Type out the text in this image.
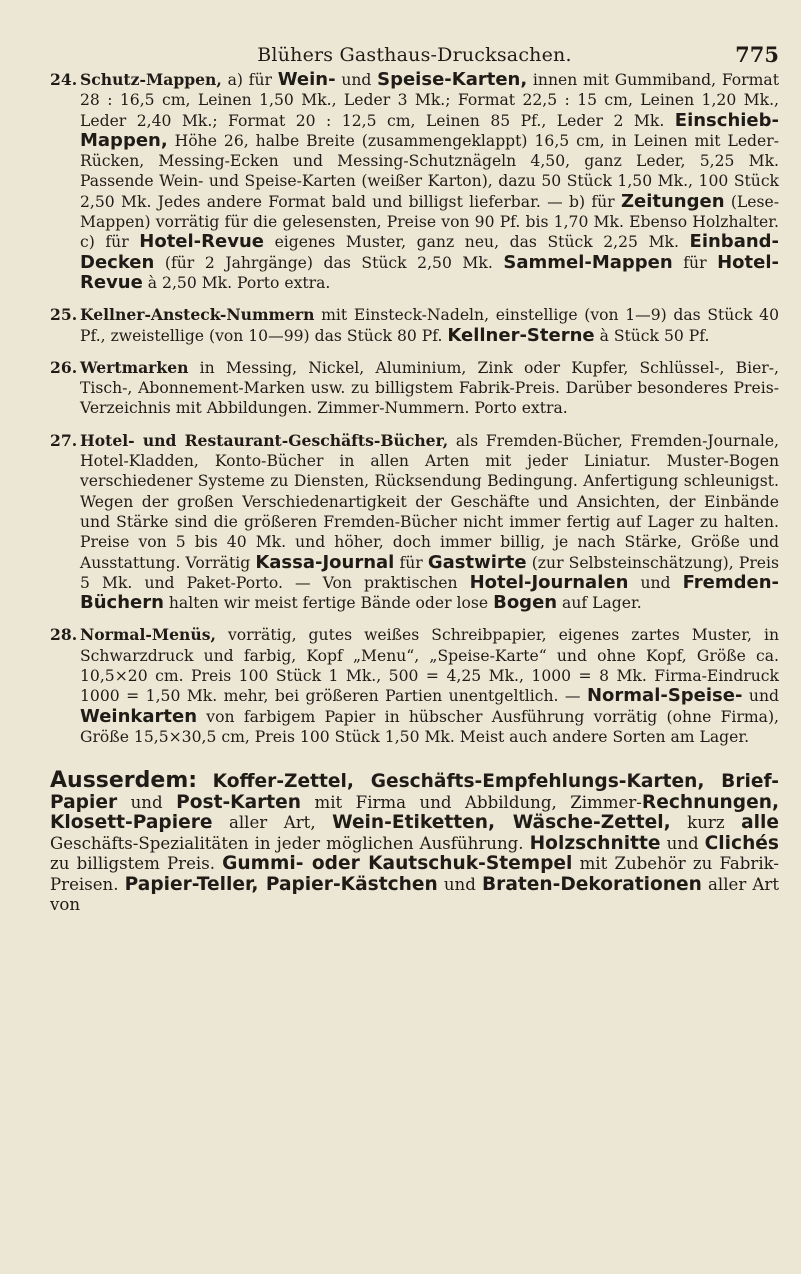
Blühers Gasthaus-Drucksachen.	775
24. Schutz-Mappen, a) für Wein- und Speise-Karten, innen mit Gummiband, Format 28 : 16,5 cm, Leinen 1,50 Mk., Leder 3 Mk.; Format 22,5 : 15 cm, Leinen 1,20 Mk., Leder 2,40 Mk.; Format 20 : 12,5 cm, Leinen 85 Pf., Leder 2 Mk. Einschieb-Mappen, Höhe 26, halbe Breite (zusammengeklappt) 16,5 cm, in Leinen mit Leder-Rücken, Messing-Ecken und Messing-Schutznägeln 4,50, ganz Leder, 5,25 Mk. Passende Wein- und Speise-Karten (weißer Karton), dazu 50 Stück 1,50 Mk., 100 Stück 2,50 Mk. Jedes andere Format bald und billigst lieferbar. — b) für Zeitungen (Lese-Mappen) vorrätig für die gelesensten, Preise von 90 Pf. bis 1,70 Mk. Ebenso Holzhalter. c) für Hotel-Revue eigenes Muster, ganz neu, das Stück 2,25 Mk. Einband-Decken (für 2 Jahrgänge) das Stück 2,50 Mk. Sammel-Mappen für Hotel-Revue à 2,50 Mk. Porto extra.
25. Kellner-Ansteck-Nummern mit Einsteck-Nadeln, einstellige (von 1—9) das Stück 40 Pf., zweistellige (von 10—99) das Stück 80 Pf. Kellner-Sterne à Stück 50 Pf.
26. Wertmarken in Messing, Nickel, Aluminium, Zink oder Kupfer, Schlüssel-, Bier-, Tisch-, Abonnement-Marken usw. zu billigstem Fabrik-Preis. Darüber besonderes Preis-Verzeichnis mit Abbildungen. Zimmer-Nummern. Porto extra.
27. Hotel- und Restaurant-Geschäfts-Bücher, als Fremden-Bücher, Fremden-Journale, Hotel-Kladden, Konto-Bücher in allen Arten mit jeder Liniatur. Muster-Bogen verschiedener Systeme zu Diensten, Rücksendung Bedingung. Anfertigung schleunigst. Wegen der großen Verschiedenartigkeit der Geschäfte und Ansichten, der Einbände und Stärke sind die größeren Fremden-Bücher nicht immer fertig auf Lager zu halten. Preise von 5 bis 40 Mk. und höher, doch immer billig, je nach Stärke, Größe und Ausstattung. Vorrätig Kassa-Journal für Gastwirte (zur Selbsteinschätzung), Preis 5 Mk. und Paket-Porto. — Von praktischen Hotel-Journalen und Fremden-Büchern halten wir meist fertige Bände oder lose Bogen auf Lager.
28. Normal-Menüs, vorrätig, gutes weißes Schreibpapier, eigenes zartes Muster, in Schwarzdruck und farbig, Kopf „Menu“, „Speise-Karte“ und ohne Kopf, Größe ca. 10,5×20 cm. Preis 100 Stück 1 Mk., 500 = 4,25 Mk., 1000 = 8 Mk. Firma-Eindruck 1000 = 1,50 Mk. mehr, bei größeren Partien unentgeltlich. — Normal-Speise- und Weinkarten von farbigem Papier in hübscher Ausführung vorrätig (ohne Firma), Größe 15,5×30,5 cm, Preis 100 Stück 1,50 Mk. Meist auch andere Sorten am Lager.
Ausserdem: Koffer-Zettel, Geschäfts-Empfehlungs-Karten, Brief-Papier und Post-Karten mit Firma und Abbildung, Zimmer-Rechnungen, Klosett-Papiere aller Art, Wein-Etiketten, Wäsche-Zettel, kurz alle Geschäfts-Spezialitäten in jeder möglichen Ausführung. Holzschnitte und Clichés zu billigstem Preis. Gummi- oder Kautschuk-Stempel mit Zubehör zu Fabrik-Preisen. Papier-Teller, Papier-Kästchen und Braten-Dekorationen aller Art von
